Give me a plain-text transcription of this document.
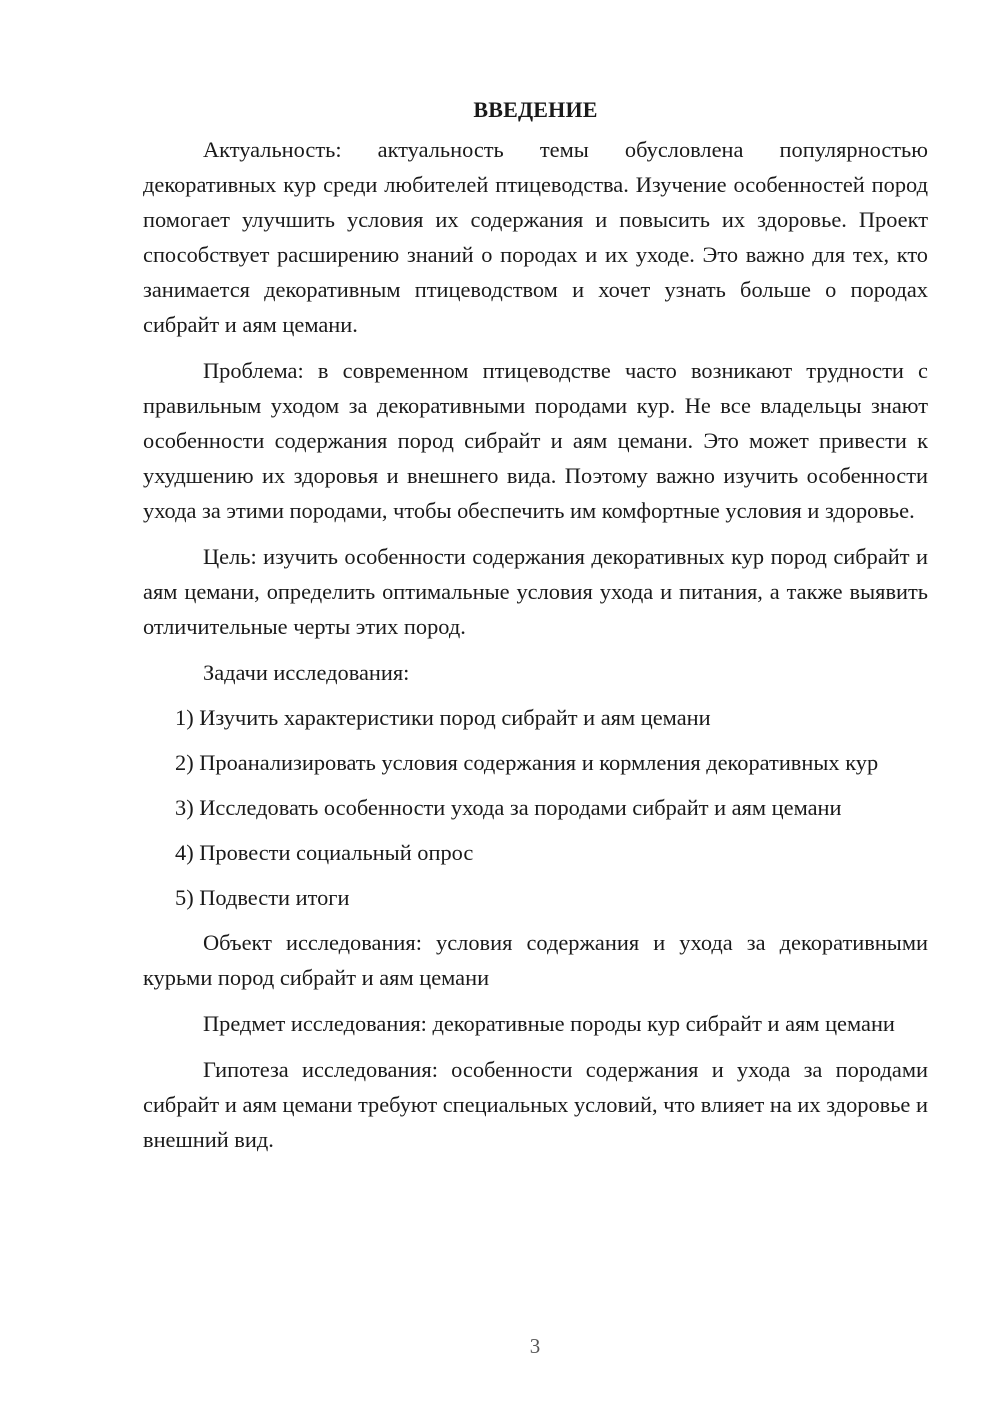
ВВЕДЕНИЕ

Актуальность: актуальность темы обусловлена популярностью декоративных кур среди любителей птицеводства. Изучение особенностей пород помогает улучшить условия их содержания и повысить их здоровье. Проект способствует расширению знаний о породах и их уходе. Это важно для тех, кто занимается декоративным птицеводством и хочет узнать больше о породах сибрайт и аям цемани.

Проблема: в современном птицеводстве часто возникают трудности с правильным уходом за декоративными породами кур. Не все владельцы знают особенности содержания пород сибрайт и аям цемани. Это может привести к ухудшению их здоровья и внешнего вида. Поэтому важно изучить особенности ухода за этими породами, чтобы обеспечить им комфортные условия и здоровье.

Цель: изучить особенности содержания декоративных кур пород сибрайт и аям цемани, определить оптимальные условия ухода и питания, а также выявить отличительные черты этих пород.

Задачи исследования:

1) Изучить характеристики пород сибрайт и аям цемани

2) Проанализировать условия содержания и кормления декоративных кур

3) Исследовать особенности ухода за породами сибрайт и аям цемани

4) Провести социальный опрос

5) Подвести итоги

Объект исследования: условия содержания и ухода за декоративными курьми пород сибрайт и аям цемани

Предмет исследования: декоративные породы кур сибрайт и аям цемани

Гипотеза исследования: особенности содержания и ухода за породами сибрайт и аям цемани требуют специальных условий, что влияет на их здоровье и внешний вид.

3
